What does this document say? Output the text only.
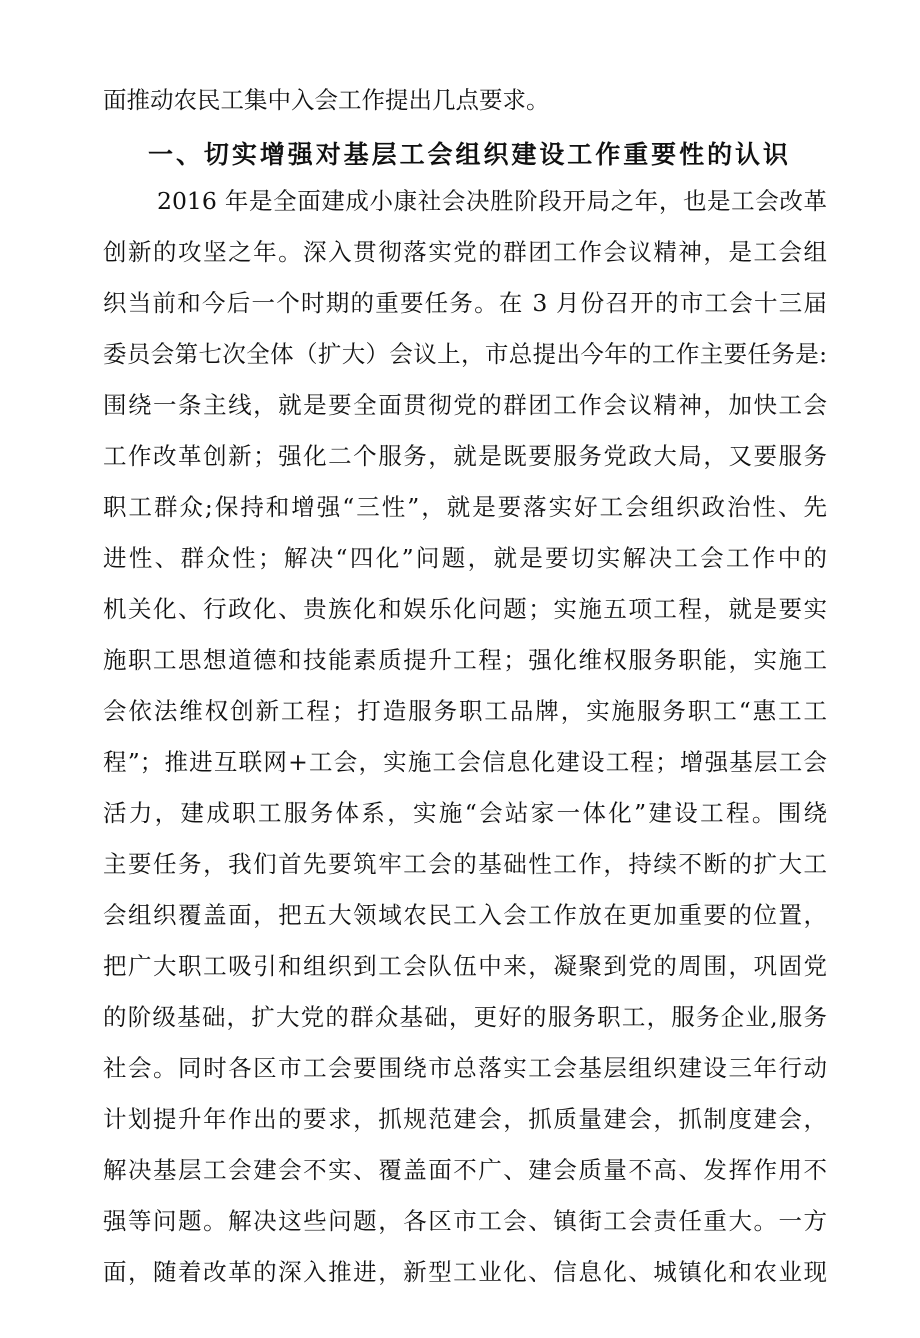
面推动农民工集中入会工作提出几点要求。
一、切实增强对基层工会组织建设工作重要性的认识
2016 年是全面建成小康社会决胜阶段开局之年，也是工会改革
创新的攻坚之年。深入贯彻落实党的群团工作会议精神，是工会组
织当前和今后一个时期的重要任务。在 3 月份召开的市工会十三届
委员会第七次全体（扩大）会议上，市总提出今年的工作主要任务是:
围绕一条主线，就是要全面贯彻党的群团工作会议精神，加快工会
工作改革创新；强化二个服务，就是既要服务党政大局，又要服务
职工群众;保持和增强“三性”，就是要落实好工会组织政治性、先
进性、群众性；解决“四化”问题，就是要切实解决工会工作中的
机关化、行政化、贵族化和娱乐化问题；实施五项工程，就是要实
施职工思想道德和技能素质提升工程；强化维权服务职能，实施工
会依法维权创新工程；打造服务职工品牌，实施服务职工“惠工工
程”；推进互联网+工会，实施工会信息化建设工程；增强基层工会
活力，建成职工服务体系，实施“会站家一体化”建设工程。围绕
主要任务，我们首先要筑牢工会的基础性工作，持续不断的扩大工
会组织覆盖面，把五大领域农民工入会工作放在更加重要的位置，
把广大职工吸引和组织到工会队伍中来，凝聚到党的周围，巩固党
的阶级基础，扩大党的群众基础，更好的服务职工，服务企业,服务
社会。同时各区市工会要围绕市总落实工会基层组织建设三年行动
计划提升年作出的要求，抓规范建会，抓质量建会，抓制度建会，
解决基层工会建会不实、覆盖面不广、建会质量不高、发挥作用不
强等问题。解决这些问题，各区市工会、镇街工会责任重大。一方
面，随着改革的深入推进，新型工业化、信息化、城镇化和农业现
